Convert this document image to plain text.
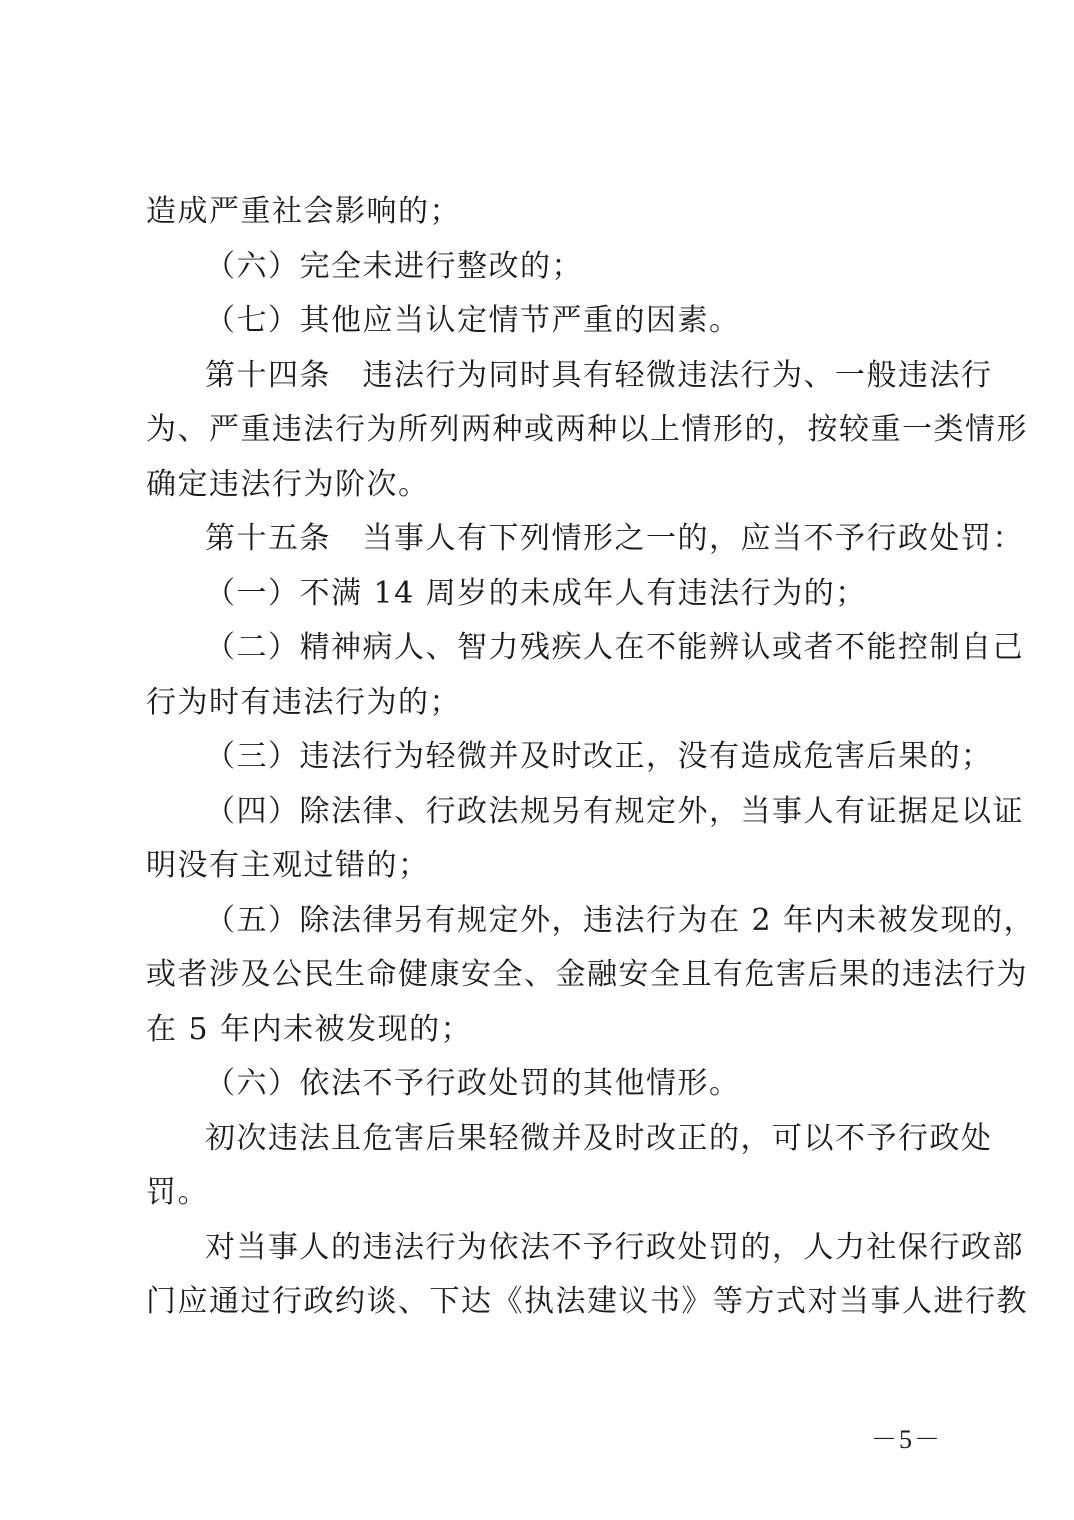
造成严重社会影响的；
（六）完全未进行整改的；
（七）其他应当认定情节严重的因素。
第十四条　违法行为同时具有轻微违法行为、一般违法行
为、严重违法行为所列两种或两种以上情形的，按较重一类情形
确定违法行为阶次。
第十五条　当事人有下列情形之一的，应当不予行政处罚：
（一）不满 14 周岁的未成年人有违法行为的；
（二）精神病人、智力残疾人在不能辨认或者不能控制自己
行为时有违法行为的；
（三）违法行为轻微并及时改正，没有造成危害后果的；
（四）除法律、行政法规另有规定外，当事人有证据足以证
明没有主观过错的；
（五）除法律另有规定外，违法行为在 2 年内未被发现的，
或者涉及公民生命健康安全、金融安全且有危害后果的违法行为
在 5 年内未被发现的；
（六）依法不予行政处罚的其他情形。
初次违法且危害后果轻微并及时改正的，可以不予行政处
罚。
对当事人的违法行为依法不予行政处罚的，人力社保行政部
门应通过行政约谈、下达《执法建议书》等方式对当事人进行教
－5－
